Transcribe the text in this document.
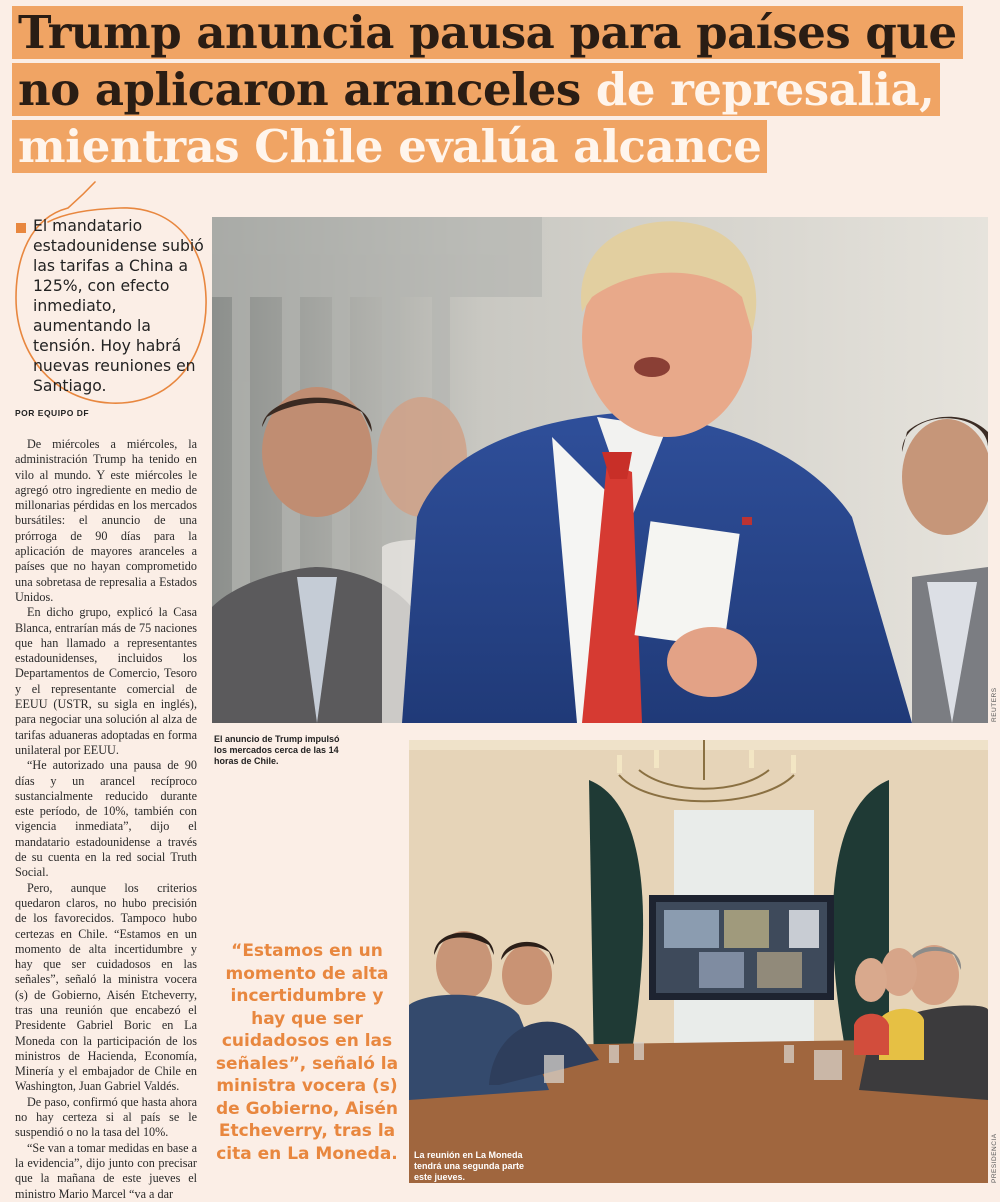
Trump anuncia pausa para países que
no aplicaron aranceles de represalia,
mientras Chile evalúa alcance

El mandatario estadounidense subió las tarifas a China a 125%, con efecto inmediato, aumentando la tensión. Hoy habrá nuevas reuniones en Santiago.

POR EQUIPO DF

De miércoles a miércoles, la administración Trump ha tenido en vilo al mundo. Y este miércoles le agregó otro ingrediente en medio de millonarias pérdidas en los mercados bursátiles: el anuncio de una prórroga de 90 días para la aplicación de mayores aranceles a países que no hayan comprometido una sobretasa de represalia a Estados Unidos.

En dicho grupo, explicó la Casa Blanca, entrarían más de 75 naciones que han llamado a representantes estadounidenses, incluidos los Departamentos de Comercio, Tesoro y el representante comercial de EEUU (USTR, su sigla en inglés), para negociar una solución al alza de tarifas aduaneras adoptadas en forma unilateral por EEUU.

“He autorizado una pausa de 90 días y un arancel recíproco sustancialmente reducido durante este período, de 10%, también con vigencia inmediata”, dijo el mandatario estadounidense a través de su cuenta en la red social Truth Social.

Pero, aunque los criterios quedaron claros, no hubo precisión de los favorecidos. Tampoco hubo certezas en Chile. “Estamos en un momento de alta incertidumbre y hay que ser cuidadosos en las señales”, señaló la ministra vocera (s) de Gobierno, Aisén Etcheverry, tras una reunión que encabezó el Presidente Gabriel Boric en La Moneda con la participación de los ministros de Hacienda, Economía, Minería y el embajador de Chile en Washington, Juan Gabriel Valdés.

De paso, confirmó que hasta ahora no hay certeza si al país se le suspendió o no la tasa del 10%.

“Se van a tomar medidas en base a la evidencia”, dijo junto con precisar que la mañana de este jueves el ministro Mario Marcel “va a dar

REUTERS

El anuncio de Trump impulsó los mercados cerca de las 14 horas de Chile.

PRESIDENCIA

La reunión en La Moneda tendrá una segunda parte este jueves.

“Estamos en un momento de alta incertidumbre y hay que ser cuidadosos en las señales”, señaló la ministra vocera (s) de Gobierno, Aisén Etcheverry, tras la cita en La Moneda.
